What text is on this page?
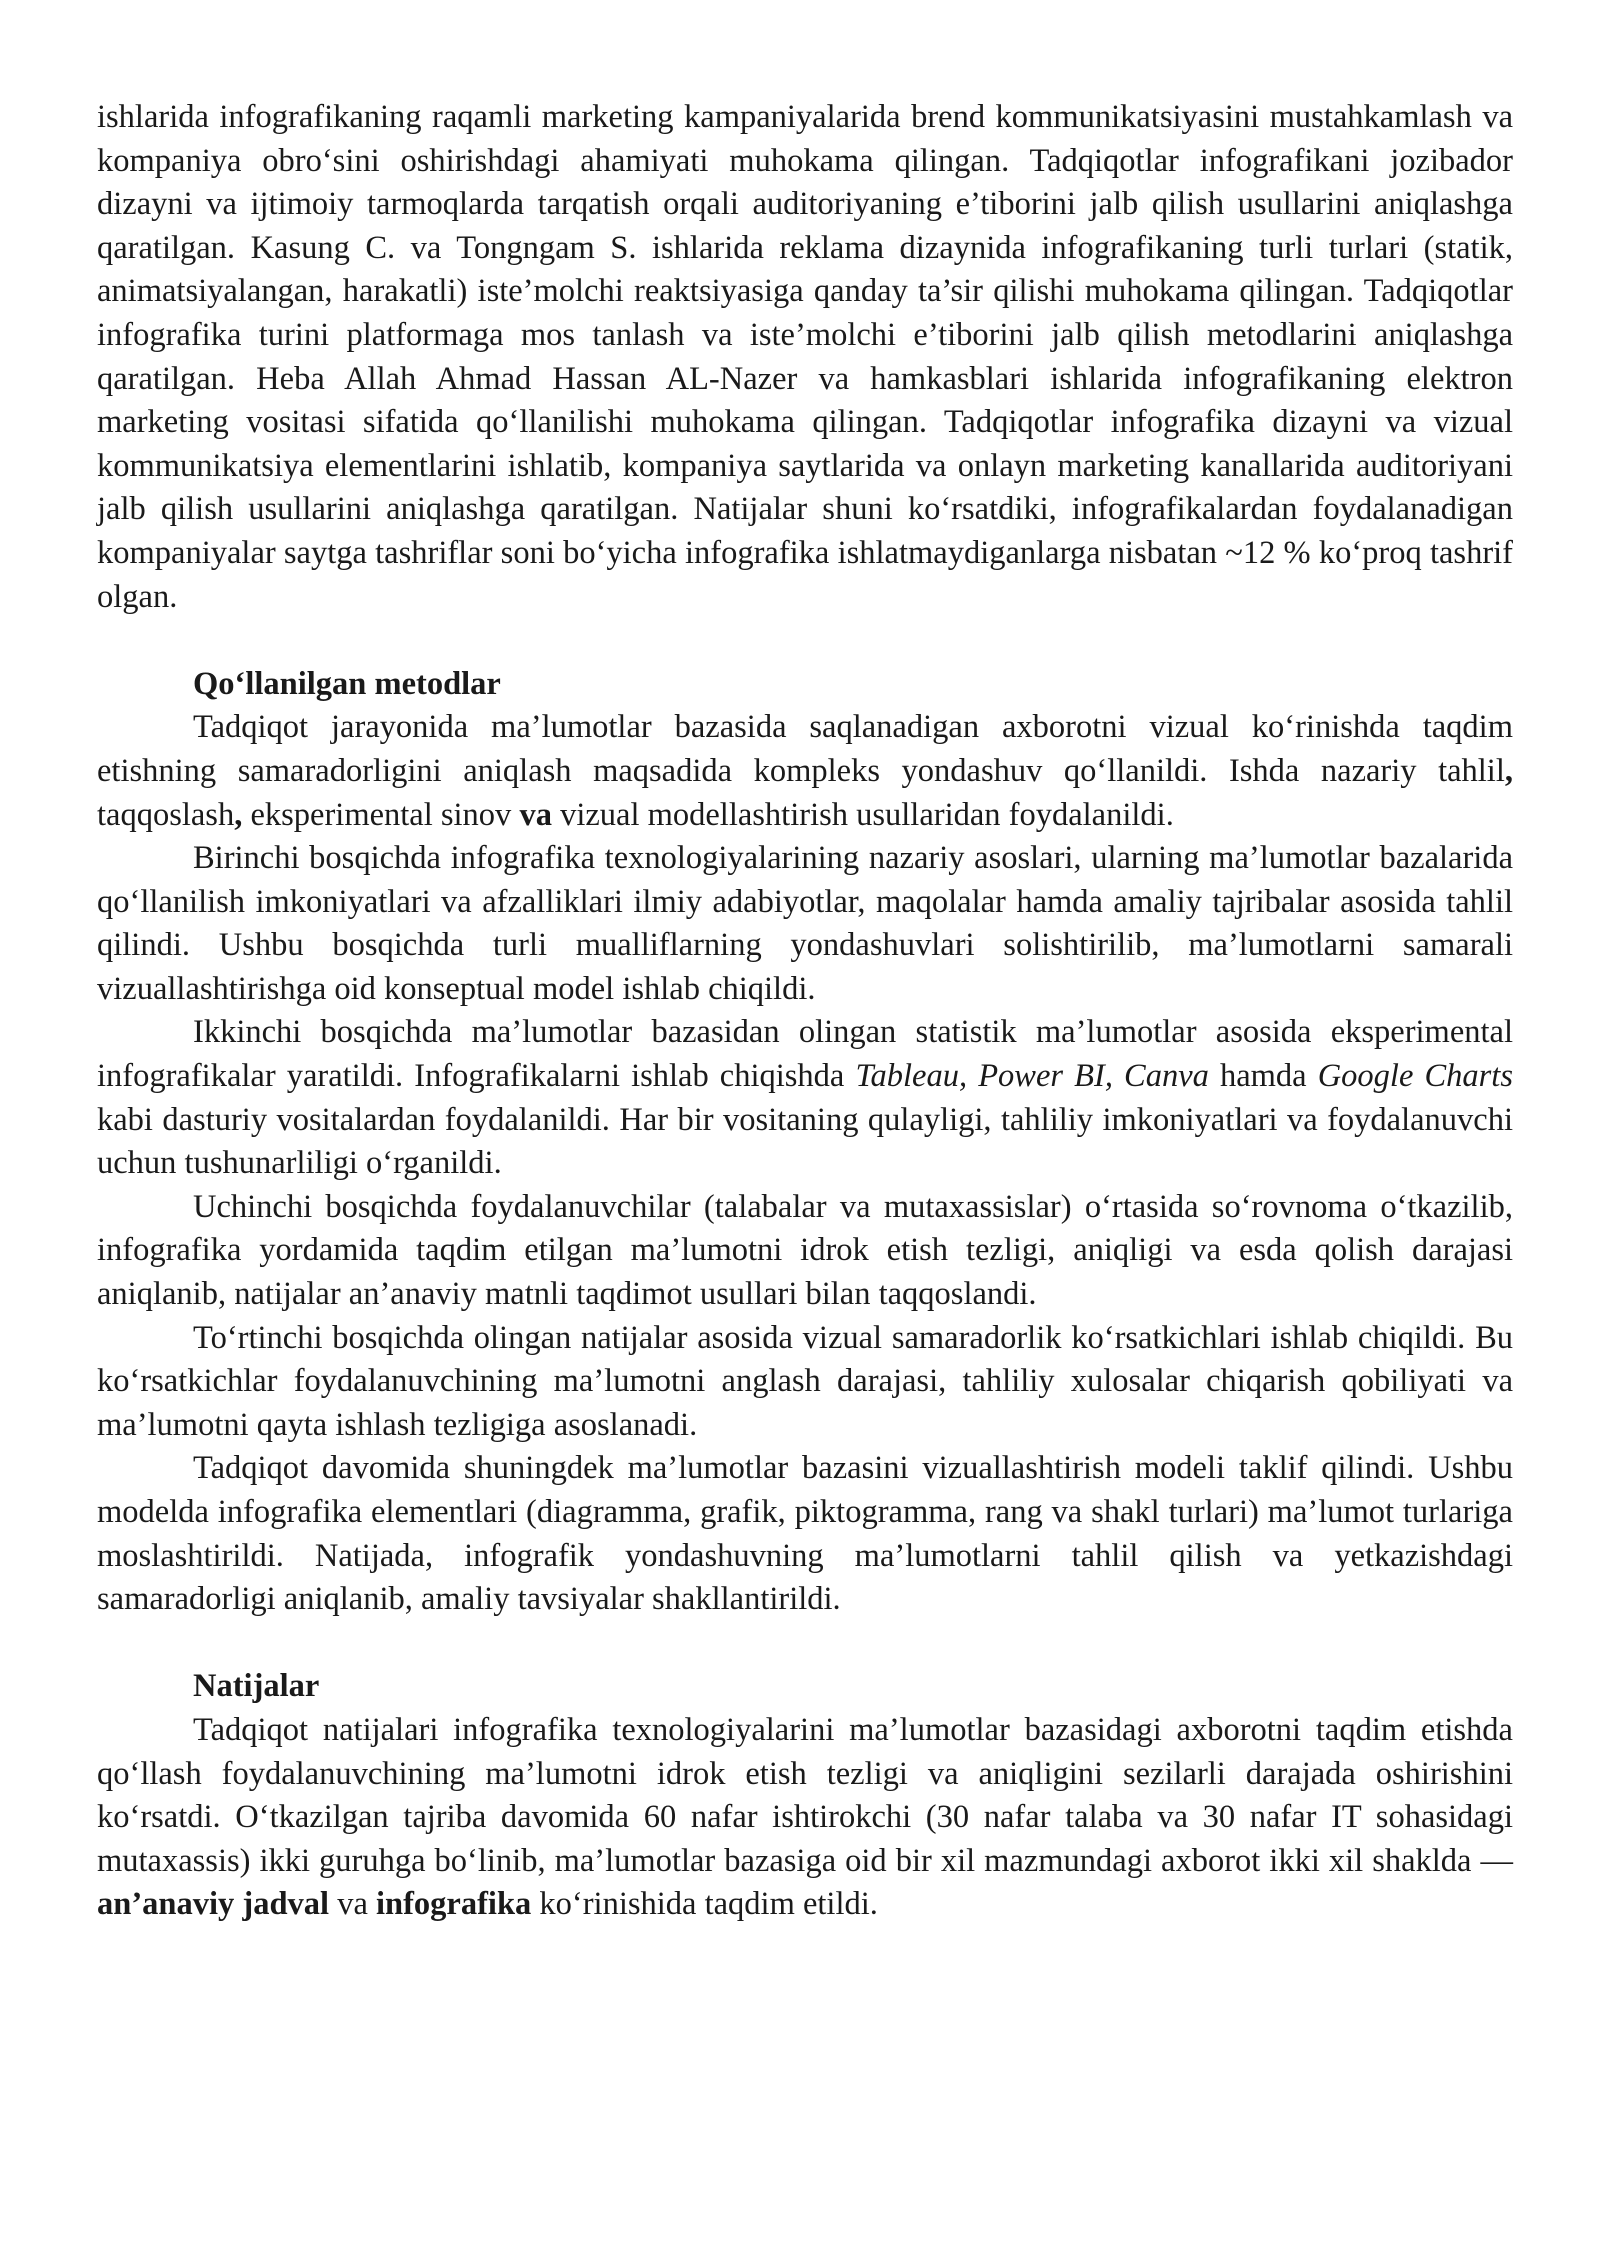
ishlarida infografikaning raqamli marketing kampaniyalarida brend kommunikatsiyasini mustahkamlash va kompaniya obro‘sini oshirishdagi ahamiyati muhokama qilingan. Tadqiqotlar infografikani jozibador dizayni va ijtimoiy tarmoqlarda tarqatish orqali auditoriyaning e’tiborini jalb qilish usullarini aniqlashga qaratilgan. Kasung C. va Tongngam S. ishlarida reklama dizaynida infografikaning turli turlari (statik, animatsiyalangan, harakatli) iste’molchi reaktsiyasiga qanday ta’sir qilishi muhokama qilingan. Tadqiqotlar infografika turini platformaga mos tanlash va iste’molchi e’tiborini jalb qilish metodlarini aniqlashga qaratilgan. Heba Allah Ahmad Hassan AL-Nazer va hamkasblari ishlarida infografikaning elektron marketing vositasi sifatida qo‘llanilishi muhokama qilingan. Tadqiqotlar infografika dizayni va vizual kommunikatsiya elementlarini ishlatib, kompaniya saytlarida va onlayn marketing kanallarida auditoriyani jalb qilish usullarini aniqlashga qaratilgan. Natijalar shuni ko‘rsatdiki, infografikalardan foydalanadigan kompaniyalar saytga tashriflar soni bo‘yicha infografika ishlatmaydiganlarga nisbatan ~12 % ko‘proq tashrif olgan.

Qo‘llanilgan metodlar

Tadqiqot jarayonida ma’lumotlar bazasida saqlanadigan axborotni vizual ko‘rinishda taqdim etishning samaradorligini aniqlash maqsadida kompleks yondashuv qo‘llanildi. Ishda nazariy tahlil, taqqoslash, eksperimental sinov va vizual modellashtirish usullaridan foydalanildi.

Birinchi bosqichda infografika texnologiyalarining nazariy asoslari, ularning ma’lumotlar bazalarida qo‘llanilish imkoniyatlari va afzalliklari ilmiy adabiyotlar, maqolalar hamda amaliy tajribalar asosida tahlil qilindi. Ushbu bosqichda turli mualliflarning yondashuvlari solishtirilib, ma’lumotlarni samarali vizuallashtirishga oid konseptual model ishlab chiqildi.

Ikkinchi bosqichda ma’lumotlar bazasidan olingan statistik ma’lumotlar asosida eksperimental infografikalar yaratildi. Infografikalarni ishlab chiqishda Tableau, Power BI, Canva hamda Google Charts kabi dasturiy vositalardan foydalanildi. Har bir vositaning qulayligi, tahliliy imkoniyatlari va foydalanuvchi uchun tushunarliligi o‘rganildi.

Uchinchi bosqichda foydalanuvchilar (talabalar va mutaxassislar) o‘rtasida so‘rovnoma o‘tkazilib, infografika yordamida taqdim etilgan ma’lumotni idrok etish tezligi, aniqligi va esda qolish darajasi aniqlanib, natijalar an’anaviy matnli taqdimot usullari bilan taqqoslandi.

To‘rtinchi bosqichda olingan natijalar asosida vizual samaradorlik ko‘rsatkichlari ishlab chiqildi. Bu ko‘rsatkichlar foydalanuvchining ma’lumotni anglash darajasi, tahliliy xulosalar chiqarish qobiliyati va ma’lumotni qayta ishlash tezligiga asoslanadi.

Tadqiqot davomida shuningdek ma’lumotlar bazasini vizuallashtirish modeli taklif qilindi. Ushbu modelda infografika elementlari (diagramma, grafik, piktogramma, rang va shakl turlari) ma’lumot turlariga moslashtirildi. Natijada, infografik yondashuvning ma’lumotlarni tahlil qilish va yetkazishdagi samaradorligi aniqlanib, amaliy tavsiyalar shakllantirildi.

Natijalar

Tadqiqot natijalari infografika texnologiyalarini ma’lumotlar bazasidagi axborotni taqdim etishda qo‘llash foydalanuvchining ma’lumotni idrok etish tezligi va aniqligini sezilarli darajada oshirishini ko‘rsatdi. O‘tkazilgan tajriba davomida 60 nafar ishtirokchi (30 nafar talaba va 30 nafar IT sohasidagi mutaxassis) ikki guruhga bo‘linib, ma’lumotlar bazasiga oid bir xil mazmundagi axborot ikki xil shaklda — an’anaviy jadval va infografika ko‘rinishida taqdim etildi.
